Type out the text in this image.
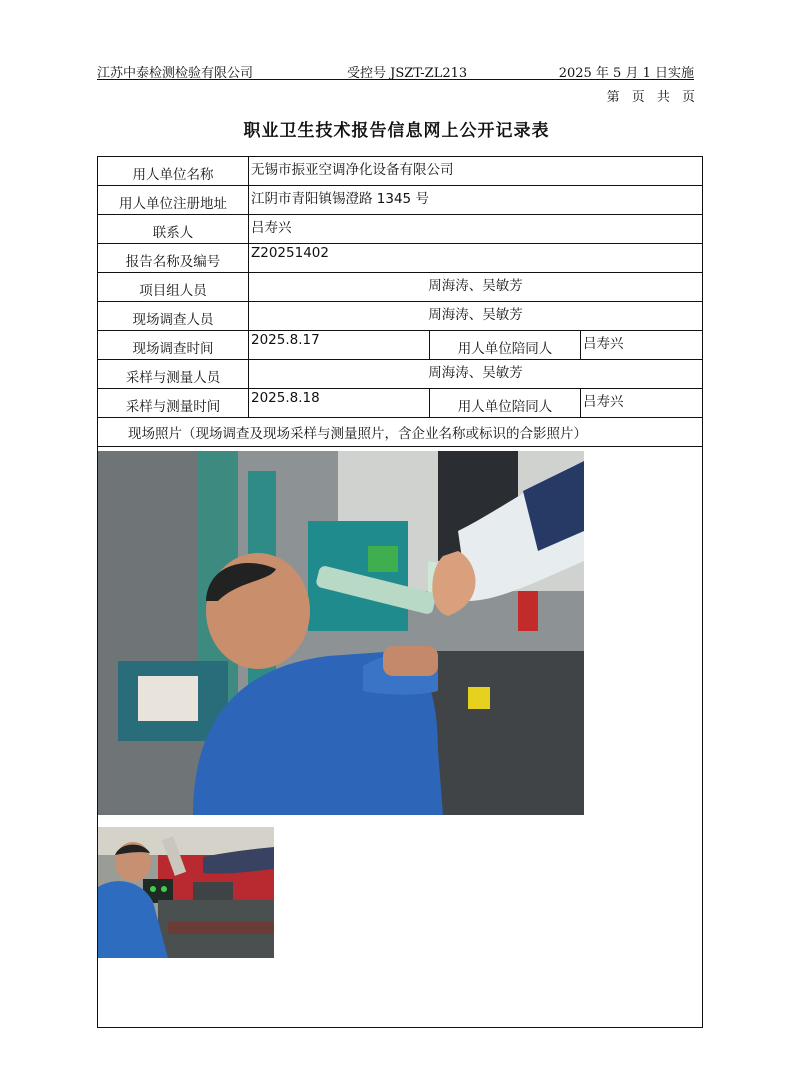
江苏中泰检测检验有限公司	受控号 JSZT-ZL213	2025 年 5 月 1 日实施
第 页 共 页
职业卫生技术报告信息网上公开记录表
用人单位名称	无锡市振亚空调净化设备有限公司		
用人单位注册地址	江阴市青阳镇锡澄路 1345 号		
联系人	吕寿兴		
报告名称及编号	Z20251402		
项目组人员	周海涛、吴敏芳		
现场调查人员	周海涛、吴敏芳		
现场调查时间	2025.8.17	用人单位陪同人	吕寿兴
采样与测量人员	周海涛、吴敏芳		
采样与测量时间	2025.8.18	用人单位陪同人	吕寿兴
现场照片（现场调查及现场采样与测量照片，含企业名称或标识的合影照片）			
